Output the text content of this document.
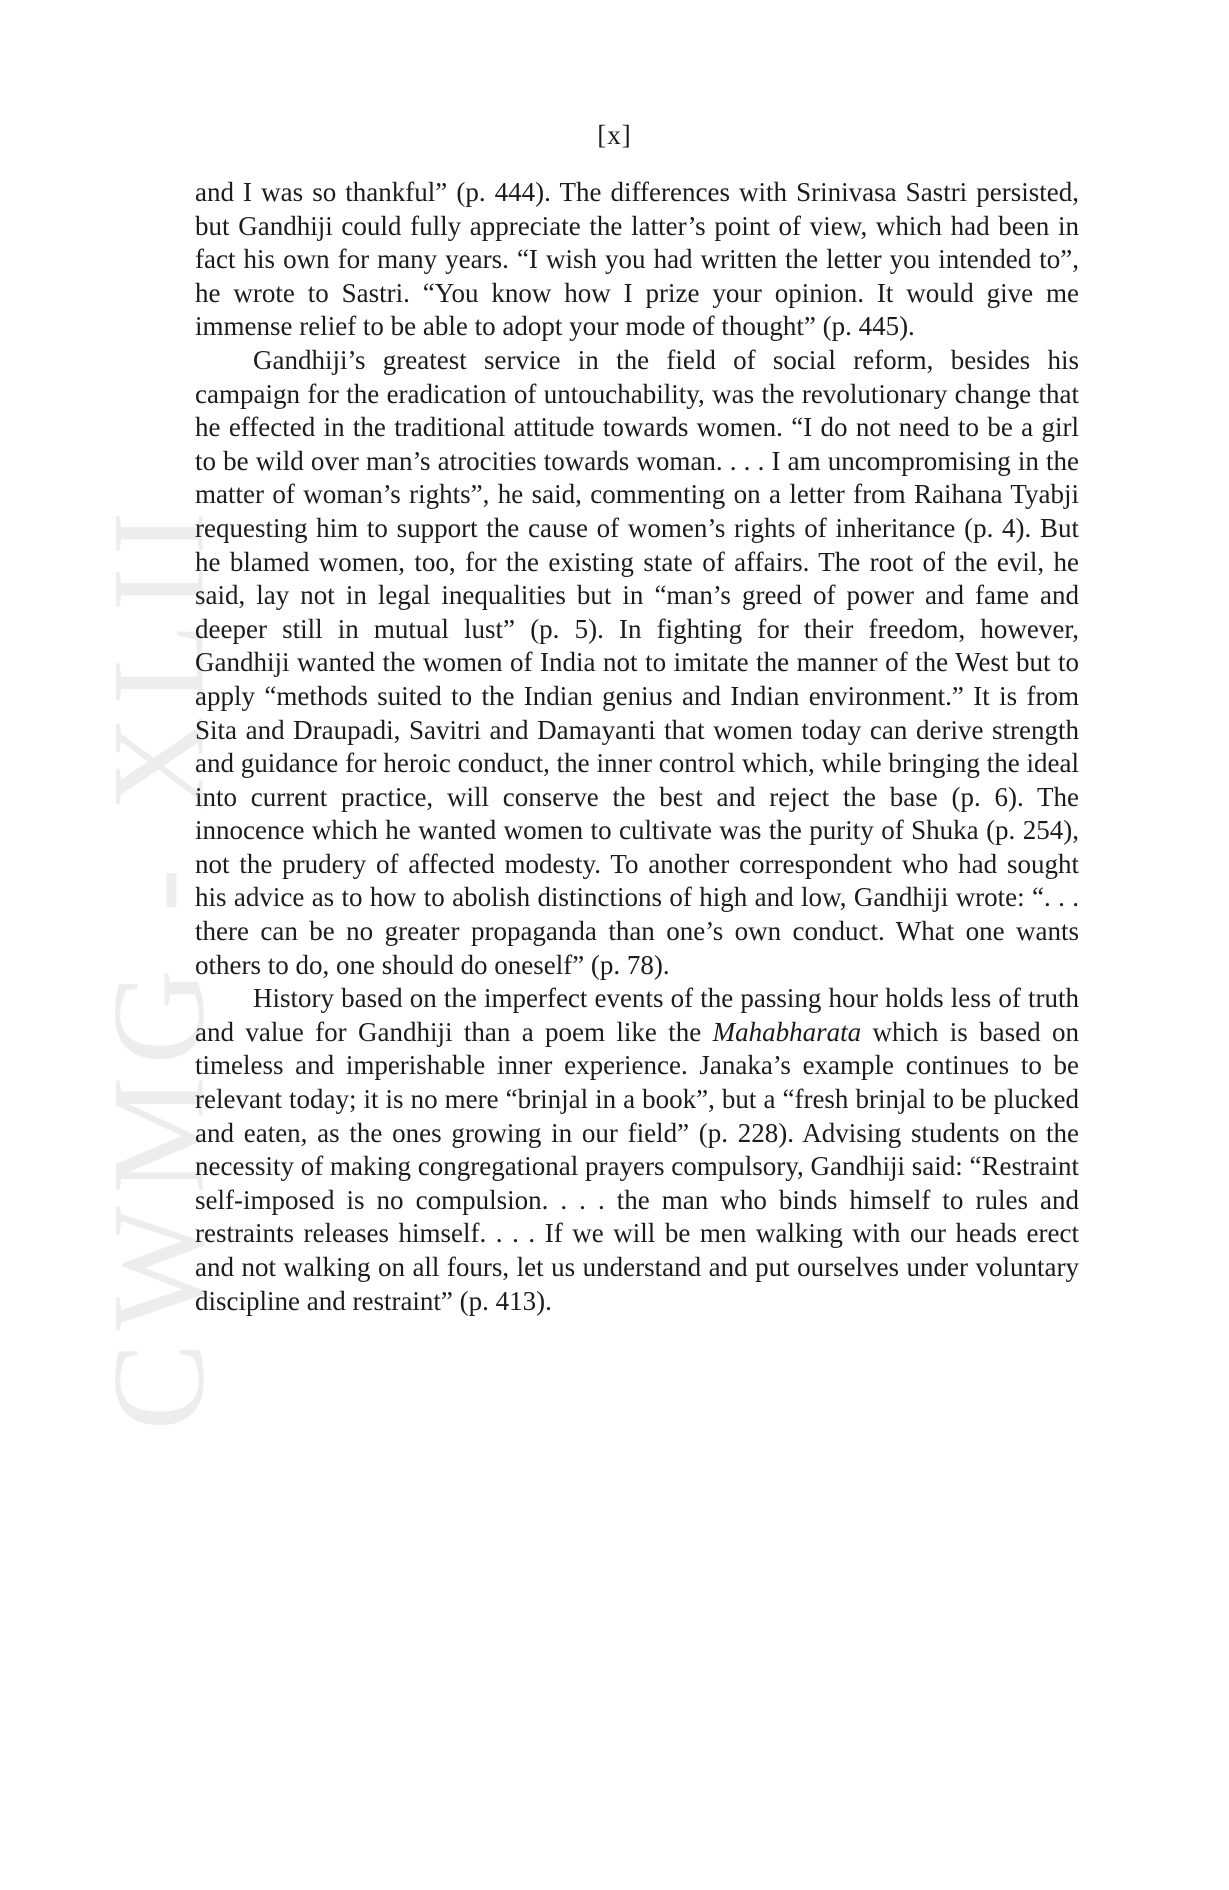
CWMG - XLII
[x]

and I was so thankful” (p. 444). The differences with Srinivasa Sastri persisted, but Gandhiji could fully appreciate the latter’s point of view, which had been in fact his own for many years. “I wish you had written the letter you intended to”, he wrote to Sastri. “You know how I prize your opinion. It would give me immense relief to be able to adopt your mode of thought” (p. 445).

Gandhiji’s greatest service in the field of social reform, besides his campaign for the eradication of untouchability, was the revolutionary change that he effected in the traditional attitude towards women. “I do not need to be a girl to be wild over man’s atrocities towards woman. . . . I am uncompromising in the matter of woman’s rights”, he said, commenting on a letter from Raihana Tyabji requesting him to support the cause of women’s rights of inheritance (p. 4). But he blamed women, too, for the existing state of affairs. The root of the evil, he said, lay not in legal inequalities but in “man’s greed of power and fame and deeper still in mutual lust” (p. 5). In fighting for their freedom, however, Gandhiji wanted the women of India not to imitate the manner of the West but to apply “methods suited to the Indian genius and Indian environment.” It is from Sita and Draupadi, Savitri and Damayanti that women today can derive strength and guidance for heroic conduct, the inner control which, while bringing the ideal into current practice, will conserve the best and reject the base (p. 6). The innocence which he wanted women to cultivate was the purity of Shuka (p. 254), not the prudery of affected modesty. To another correspondent who had sought his advice as to how to abolish distinctions of high and low, Gandhiji wrote: “. . . there can be no greater propaganda than one’s own conduct. What one wants others to do, one should do oneself” (p. 78).

History based on the imperfect events of the passing hour holds less of truth and value for Gandhiji than a poem like the Mahabharata which is based on timeless and imperishable inner experience. Janaka’s example continues to be relevant today; it is no mere “brinjal in a book”, but a “fresh brinjal to be plucked and eaten, as the ones growing in our field” (p. 228). Advising students on the necessity of making congregational prayers compulsory, Gandhiji said: “Restraint self-imposed is no compulsion. . . . the man who binds himself to rules and restraints releases himself. . . . If we will be men walking with our heads erect and not walking on all fours, let us understand and put ourselves under voluntary discipline and restraint” (p. 413).
